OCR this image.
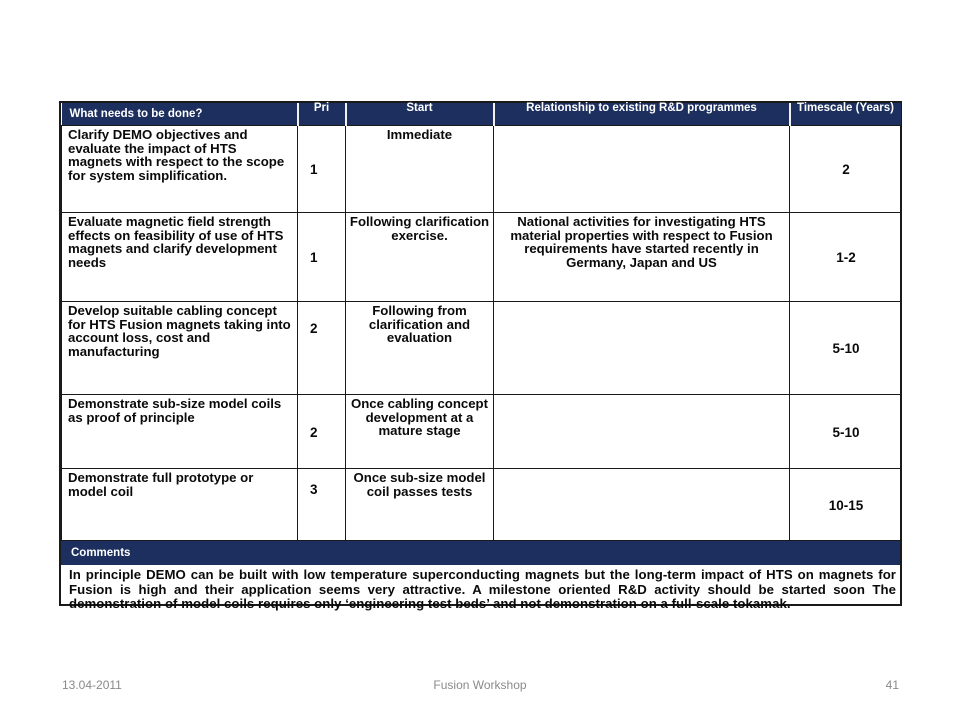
What needs to be done?	Pri	Start	Relationship to existing R&D programmes	Timescale (Years)
Clarify DEMO objectives and evaluate the impact of HTS magnets with respect to the scope for system simplification.	1	Immediate		2
Evaluate magnetic field strength effects on feasibility of use of HTS magnets and clarify development needs	1	Following clarification exercise.	National activities for investigating HTS material properties with respect to Fusion requirements have started recently in Germany, Japan and US	1-2
Develop suitable cabling concept for HTS Fusion magnets taking into account loss, cost and manufacturing	2	Following from clarification and evaluation		5-10
Demonstrate sub-size model coils as proof of principle	2	Once cabling concept development at a mature stage		5-10
Demonstrate full prototype or model coil	3	Once sub-size model coil passes tests		10-15
Comments
In principle DEMO can be built with low temperature superconducting magnets but the long-term impact of HTS on magnets for Fusion is high and their application seems very attractive. A milestone oriented R&D activity should be started soon The demonstration of model coils requires only ‘engineering test beds’ and not demonstration on a full-scale tokamak.
13.04-2011	Fusion Workshop	41
